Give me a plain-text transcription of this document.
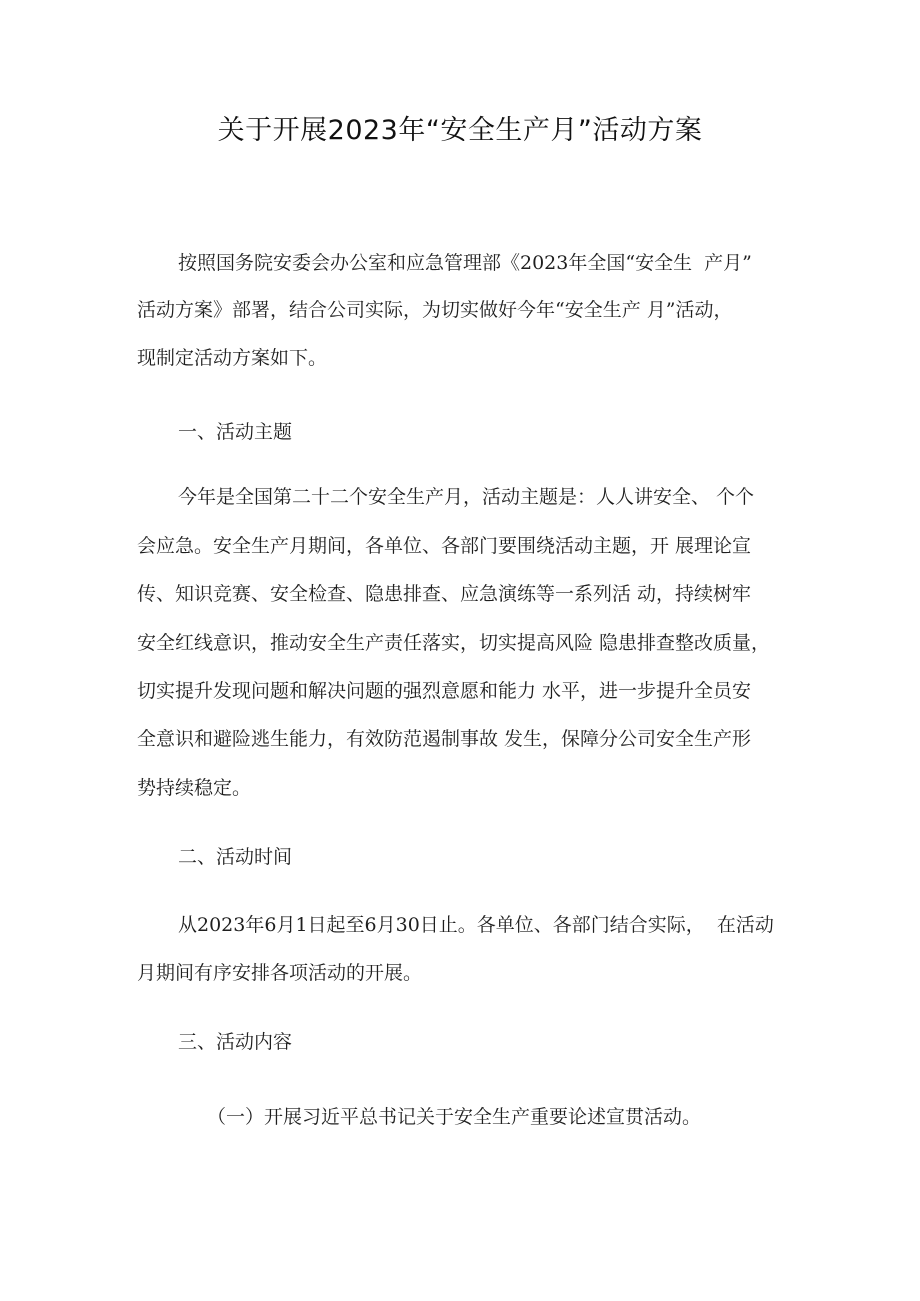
关于开展2023年“安全生产月”活动方案
按照国务院安委会办公室和应急管理部《2023年全国“安全生  产月”
活动方案》部署，结合公司实际，为切实做好今年“安全生产 月”活动，
现制定活动方案如下。
一、活动主题
今年是全国第二十二个安全生产月，活动主题是：人人讲安全、 个个
会应急。安全生产月期间，各单位、各部门要围绕活动主题，开 展理论宣
传、知识竞赛、安全检查、隐患排查、应急演练等一系列活 动，持续树牢
安全红线意识，推动安全生产责任落实，切实提高风险 隐患排查整改质量，
切实提升发现问题和解决问题的强烈意愿和能力 水平，进一步提升全员安
全意识和避险逃生能力，有效防范遏制事故 发生，保障分公司安全生产形
势持续稳定。
二、活动时间
从2023年6月1日起至6月30日止。各单位、各部门结合实际，  在活动
月期间有序安排各项活动的开展。
三、活动内容
（一）开展习近平总书记关于安全生产重要论述宣贯活动。
